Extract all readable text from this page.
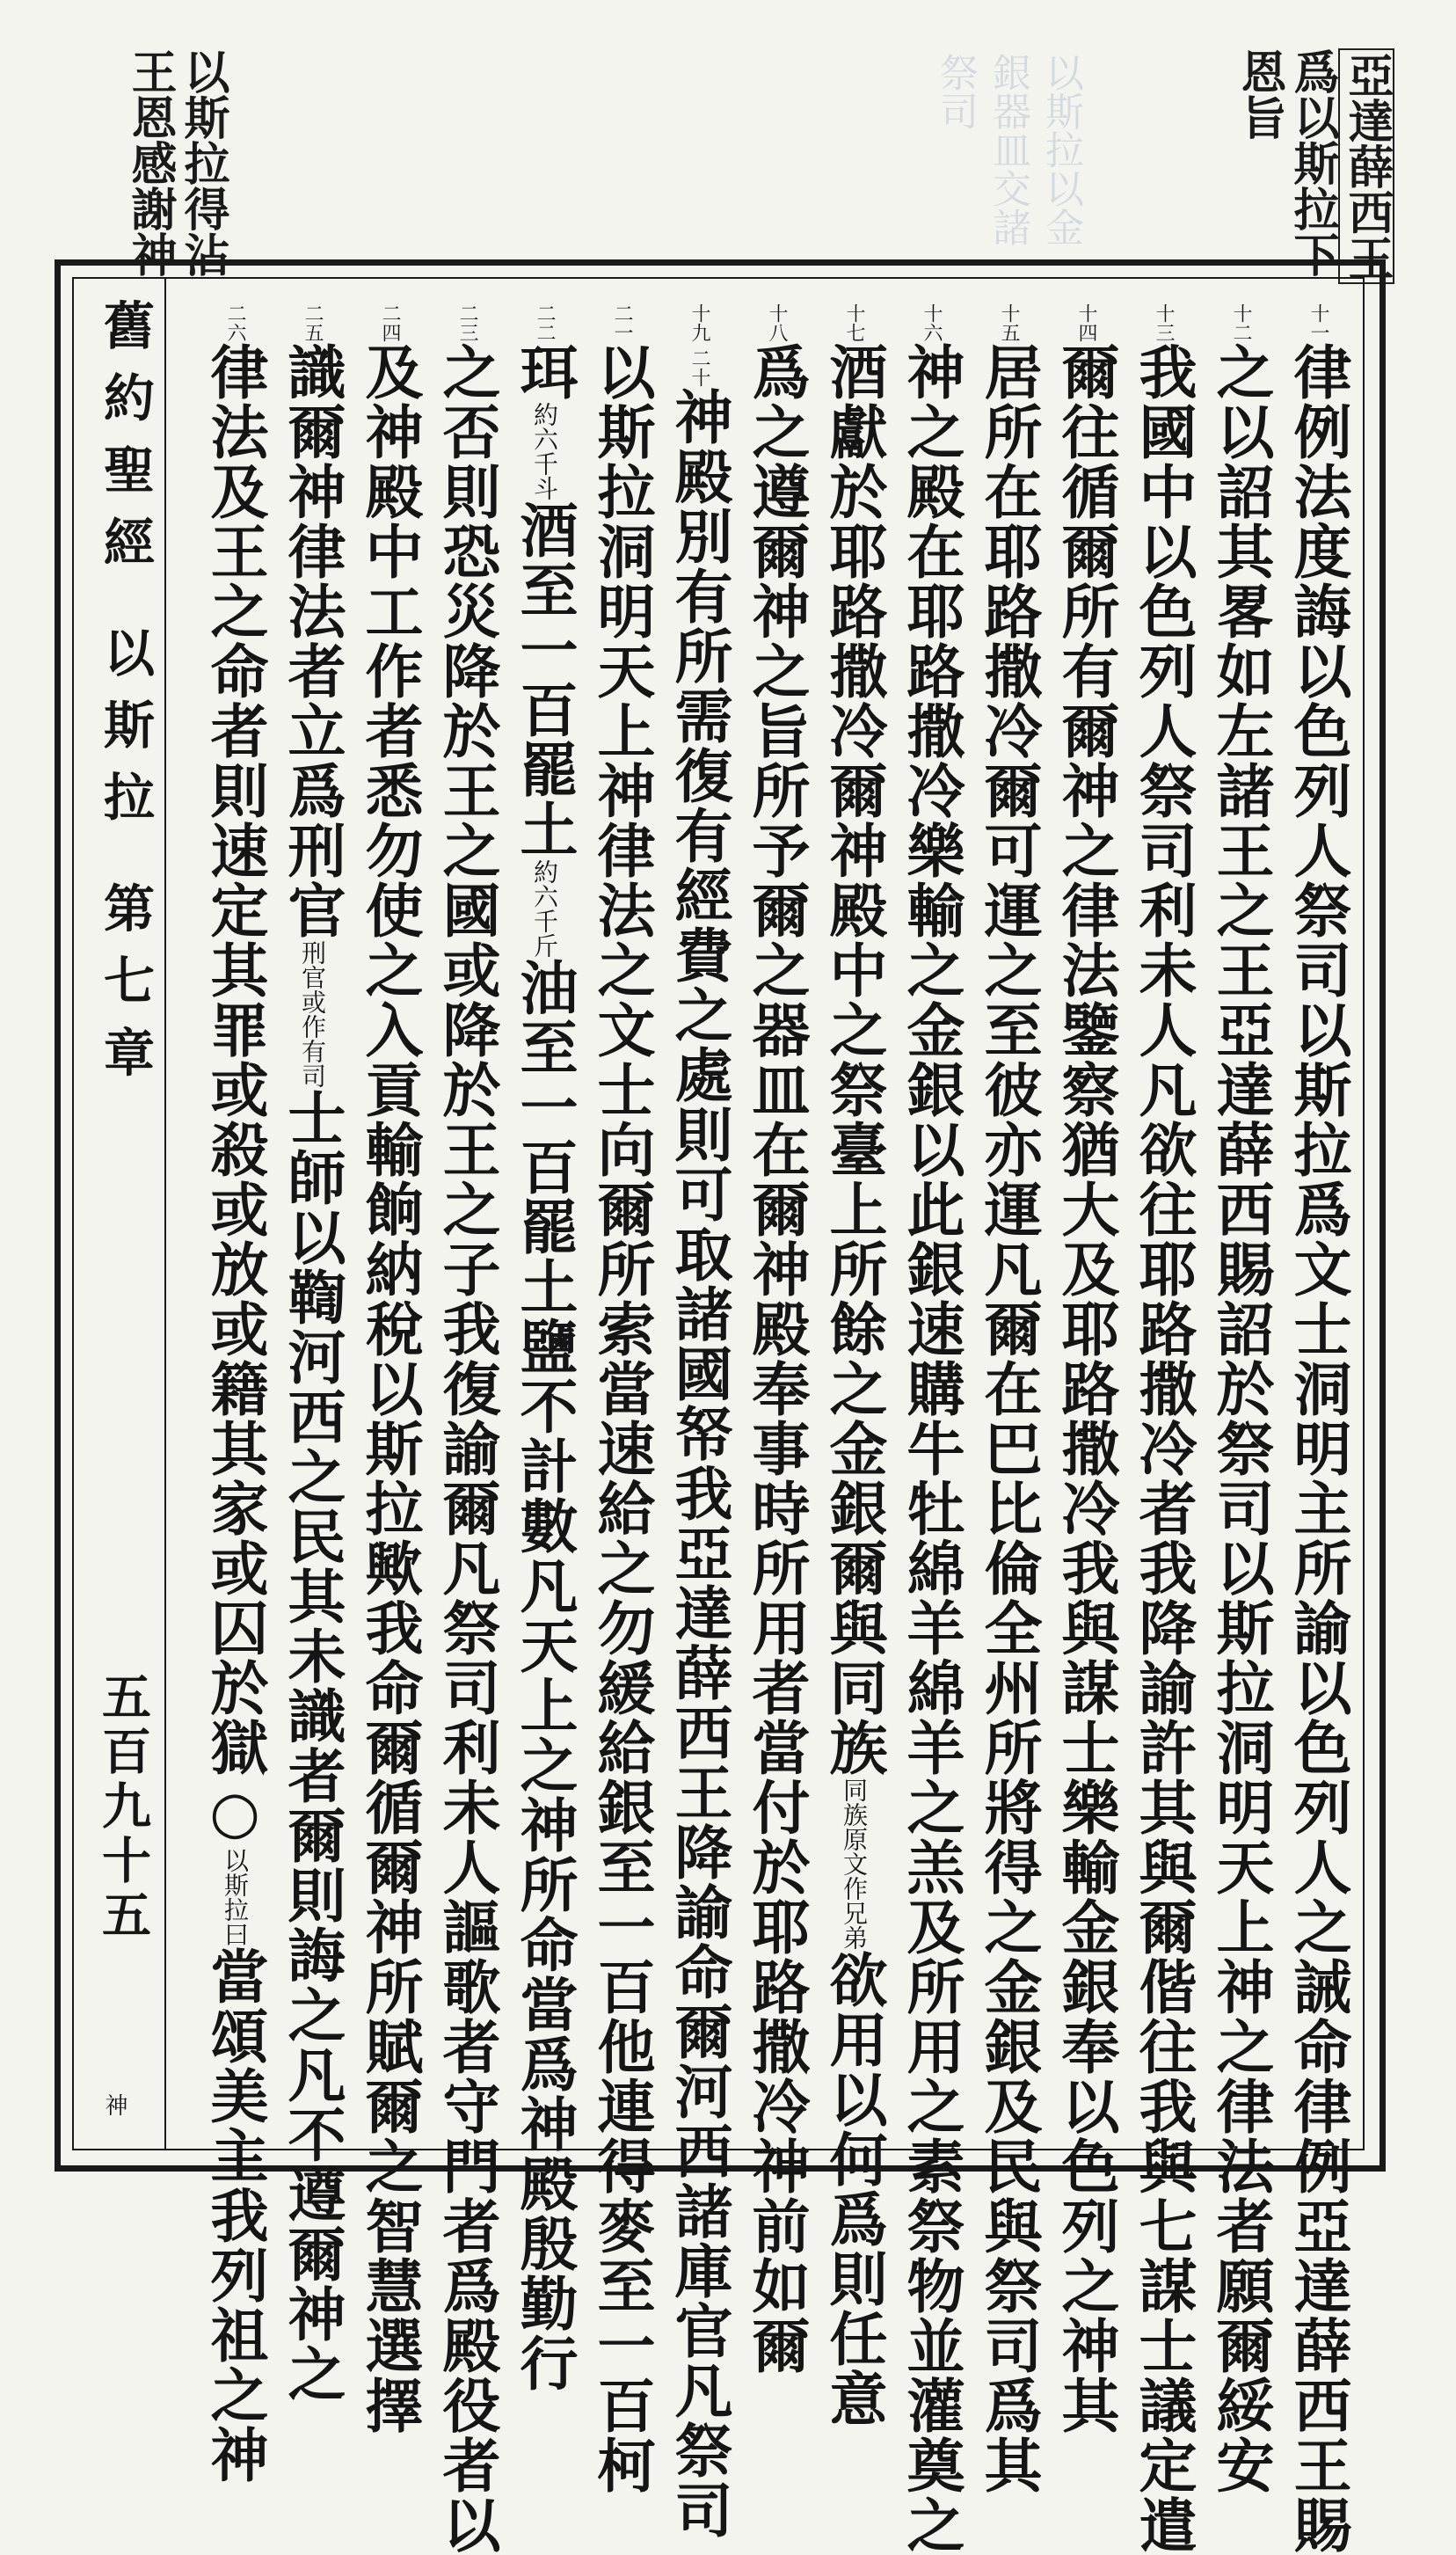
以斯拉以金
銀器皿交諸
祭司	亞達薛西王
爲以斯拉下
恩旨
以斯拉得沾
王恩感謝神
舊約聖經 以斯拉 第七章
五百九十五
神
十一律例法度誨以色列人祭司以斯拉爲文士洞明主所諭以色列人之誡命律例亞達薛西王賜
十二之以詔其畧如左諸王之王亞達薛西賜詔於祭司以斯拉洞明天上神之律法者願爾綏安
十三我國中以色列人祭司利未人凡欲往耶路撒冷者我降諭許其與爾偕往我與七謀士議定遣
十四爾往循爾所有爾神之律法鑒察猶大及耶路撒冷我與謀士樂輸金銀奉以色列之神其
十五居所在耶路撒冷爾可運之至彼亦運凡爾在巴比倫全州所將得之金銀及民與祭司爲其
十六神之殿在耶路撒冷樂輸之金銀以此銀速購牛牡綿羊綿羊之羔及所用之素祭物並灌奠之
十七酒獻於耶路撒冷爾神殿中之祭臺上所餘之金銀爾與同族同族原文作兄弟欲用以何爲則任意
十八爲之遵爾神之旨所予爾之器皿在爾神殿奉事時所用者當付於耶路撒冷神前如爾
十九 二十神殿別有所需復有經費之處則可取諸國帑我亞達薛西王降諭命爾河西諸庫官凡祭司
二一以斯拉洞明天上神律法之文士向爾所索當速給之勿緩給銀至一百他連得麥至一百柯
二二珥約六千斗酒至一百罷土約六千斤油至一百罷土鹽不計數凡天上之神所命當爲神殿殷勤行
二三之否則恐災降於王之國或降於王之子我復諭爾凡祭司利未人謳歌者守門者爲殿役者以
二四及神殿中工作者悉勿使之入貢輸餉納稅以斯拉歟我命爾循爾神所賦爾之智慧選擇
二五識爾神律法者立爲刑官刑官或作有司士師以鞫河西之民其未識者爾則誨之凡不遵爾神之
二六律法及王之命者則速定其罪或殺或放或籍其家或囚於獄○以斯拉曰當頌美主我列祖之神
